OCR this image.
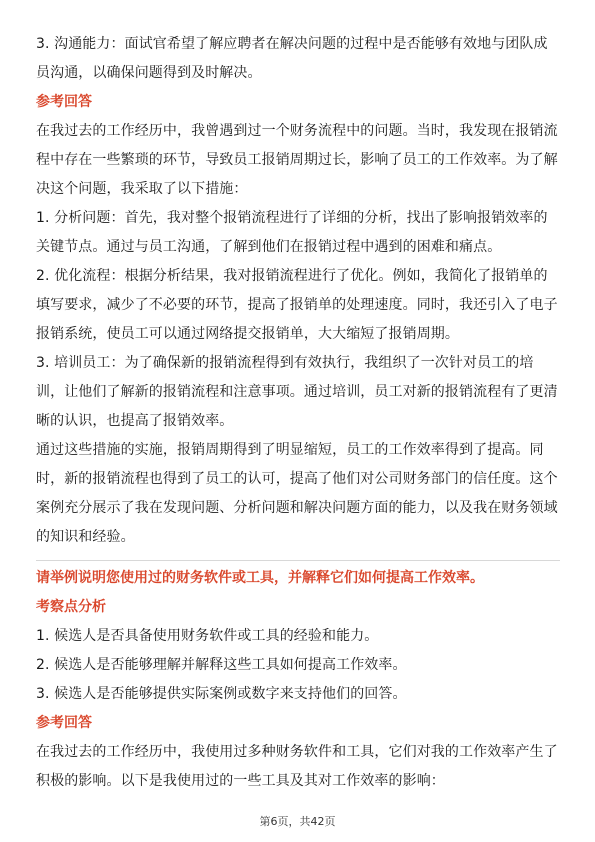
3. 沟通能力：面试官希望了解应聘者在解决问题的过程中是否能够有效地与团队成员沟通，以确保问题得到及时解决。

参考回答

在我过去的工作经历中，我曾遇到过一个财务流程中的问题。当时，我发现在报销流程中存在一些繁琐的环节，导致员工报销周期过长，影响了员工的工作效率。为了解决这个问题，我采取了以下措施：

1. 分析问题：首先，我对整个报销流程进行了详细的分析，找出了影响报销效率的关键节点。通过与员工沟通，了解到他们在报销过程中遇到的困难和痛点。

2. 优化流程：根据分析结果，我对报销流程进行了优化。例如，我简化了报销单的填写要求，减少了不必要的环节，提高了报销单的处理速度。同时，我还引入了电子报销系统，使员工可以通过网络提交报销单，大大缩短了报销周期。

3. 培训员工：为了确保新的报销流程得到有效执行，我组织了一次针对员工的培训，让他们了解新的报销流程和注意事项。通过培训，员工对新的报销流程有了更清晰的认识，也提高了报销效率。

通过这些措施的实施，报销周期得到了明显缩短，员工的工作效率得到了提高。同时，新的报销流程也得到了员工的认可，提高了他们对公司财务部门的信任度。这个案例充分展示了我在发现问题、分析问题和解决问题方面的能力，以及我在财务领域的知识和经验。

请举例说明您使用过的财务软件或工具，并解释它们如何提高工作效率。
考察点分析

1. 候选人是否具备使用财务软件或工具的经验和能力。

2. 候选人是否能够理解并解释这些工具如何提高工作效率。

3. 候选人是否能够提供实际案例或数字来支持他们的回答。

参考回答

在我过去的工作经历中，我使用过多种财务软件和工具，它们对我的工作效率产生了积极的影响。以下是我使用过的一些工具及其对工作效率的影响：

第6页，共42页
